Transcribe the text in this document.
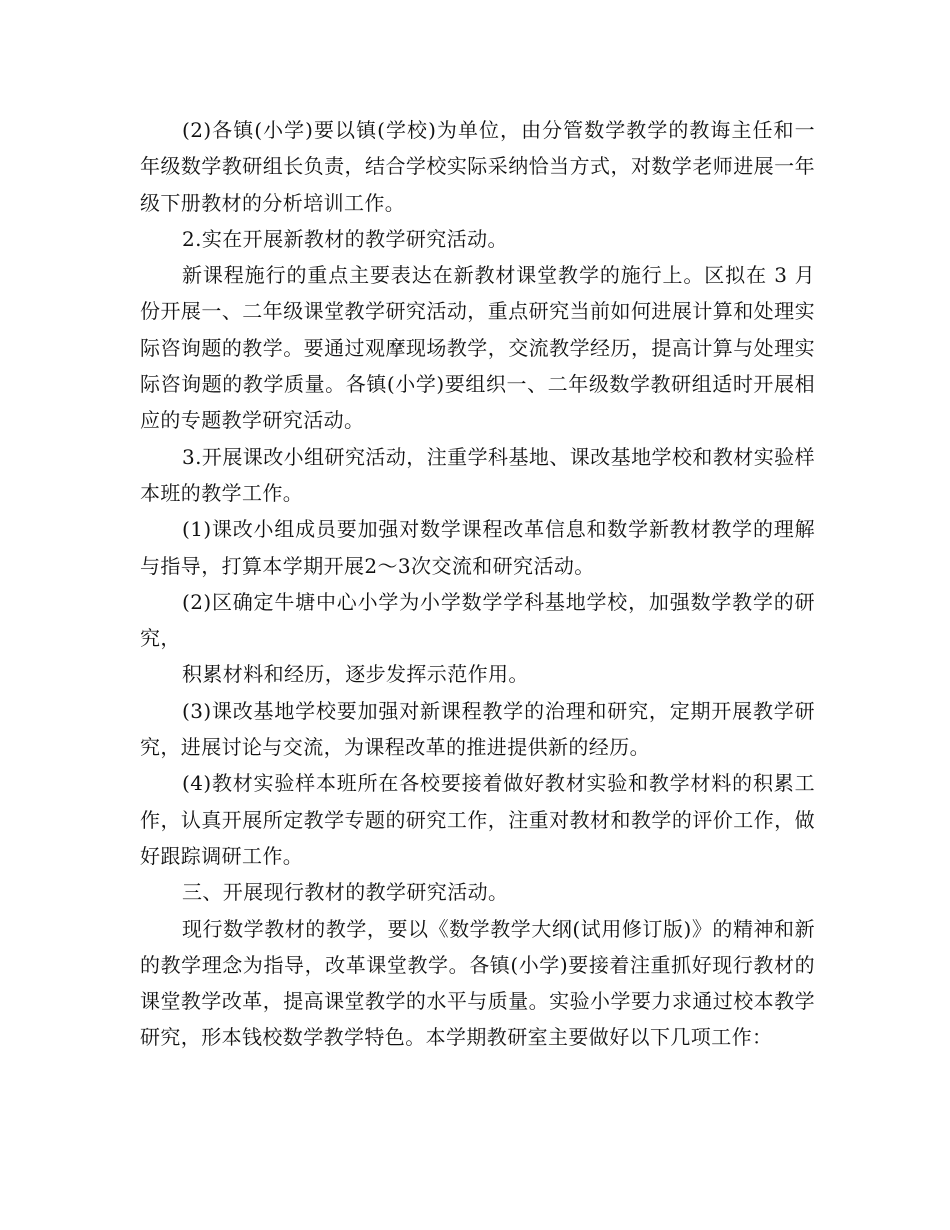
(2)各镇(小学)要以镇(学校)为单位，由分管数学教学的教诲主任和一年级数学教研组长负责，结合学校实际采纳恰当方式，对数学老师进展一年级下册教材的分析培训工作。

2.实在开展新教材的教学研究活动。

新课程施行的重点主要表达在新教材课堂教学的施行上。区拟在 3 月份开展一、二年级课堂教学研究活动，重点研究当前如何进展计算和处理实际咨询题的教学。要通过观摩现场教学，交流教学经历，提高计算与处理实际咨询题的教学质量。各镇(小学)要组织一、二年级数学教研组适时开展相应的专题教学研究活动。

3.开展课改小组研究活动，注重学科基地、课改基地学校和教材实验样本班的教学工作。

(1)课改小组成员要加强对数学课程改革信息和数学新教材教学的理解与指导，打算本学期开展2～3次交流和研究活动。

(2)区确定牛塘中心小学为小学数学学科基地学校，加强数学教学的研究，

积累材料和经历，逐步发挥示范作用。

(3)课改基地学校要加强对新课程教学的治理和研究，定期开展教学研究，进展讨论与交流，为课程改革的推进提供新的经历。

(4)教材实验样本班所在各校要接着做好教材实验和教学材料的积累工作，认真开展所定教学专题的研究工作，注重对教材和教学的评价工作，做好跟踪调研工作。

三、开展现行教材的教学研究活动。

现行数学教材的教学，要以《数学教学大纲(试用修订版)》的精神和新的教学理念为指导，改革课堂教学。各镇(小学)要接着注重抓好现行教材的课堂教学改革，提高课堂教学的水平与质量。实验小学要力求通过校本教学研究，形本钱校数学教学特色。本学期教研室主要做好以下几项工作：
